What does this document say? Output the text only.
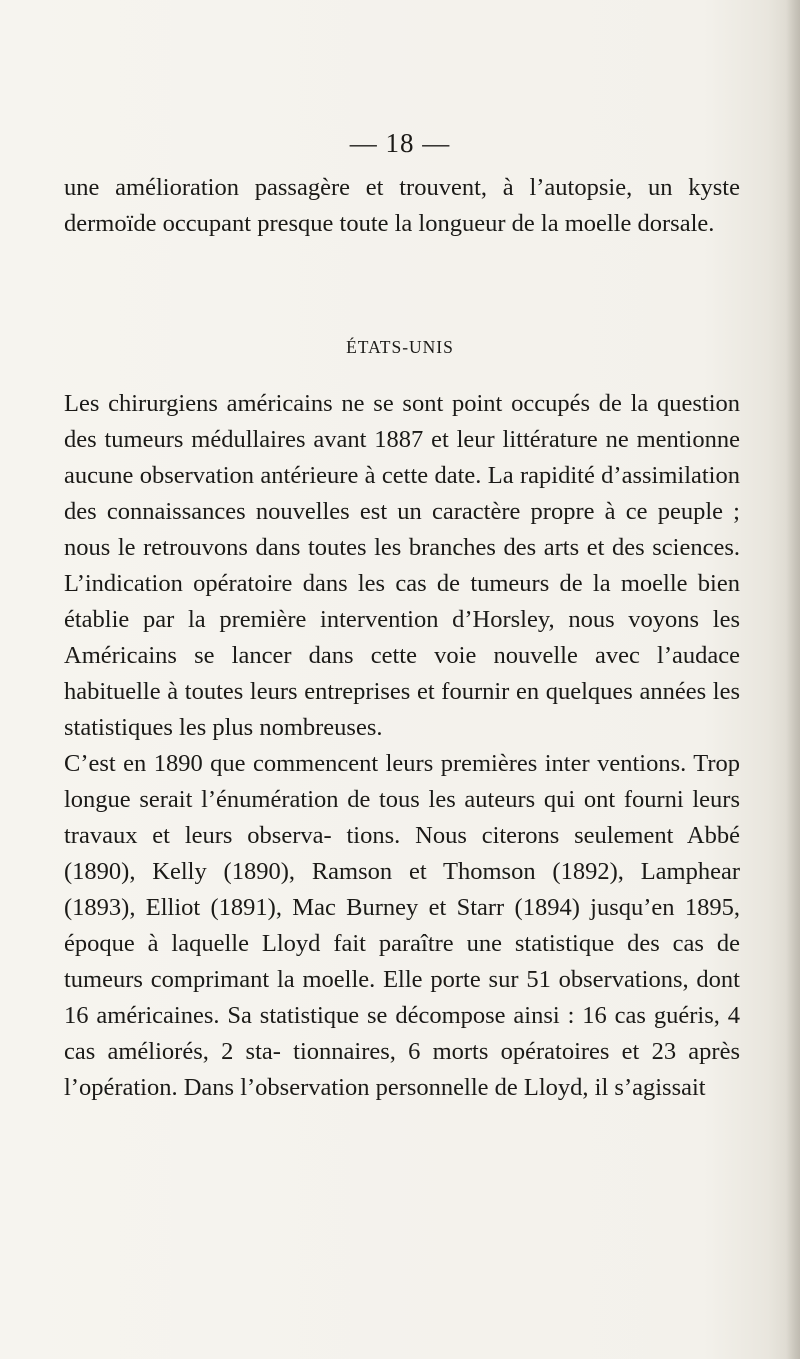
— 18 —

une amélioration passagère et trouvent, à l’autopsie, un kyste dermoïde occupant presque toute la longueur de la moelle dorsale.

ÉTATS-UNIS

Les chirurgiens américains ne se sont point occupés de la question des tumeurs médullaires avant 1887 et leur littérature ne mentionne aucune observation antérieure à cette date. La rapidité d’assimilation des connaissances nouvelles est un caractère propre à ce peuple ; nous le retrouvons dans toutes les branches des arts et des sciences. L’indication opératoire dans les cas de tumeurs de la moelle bien établie par la première intervention d’Horsley, nous voyons les Américains se lancer dans cette voie nouvelle avec l’audace habituelle à toutes leurs entreprises et fournir en quelques années les statistiques les plus nombreuses.

C’est en 1890 que commencent leurs premières inter ventions. Trop longue serait l’énumération de tous les auteurs qui ont fourni leurs travaux et leurs observa- tions. Nous citerons seulement Abbé (1890), Kelly (1890), Ramson et Thomson (1892), Lamphear (1893), Elliot (1891), Mac Burney et Starr (1894) jusqu’en 1895, époque à laquelle Lloyd fait paraître une statistique des cas de tumeurs comprimant la moelle. Elle porte sur 51 observations, dont 16 américaines. Sa statistique se décompose ainsi : 16 cas guéris, 4 cas améliorés, 2 sta- tionnaires, 6 morts opératoires et 23 après l’opération. Dans l’observation personnelle de Lloyd, il s’agissait
